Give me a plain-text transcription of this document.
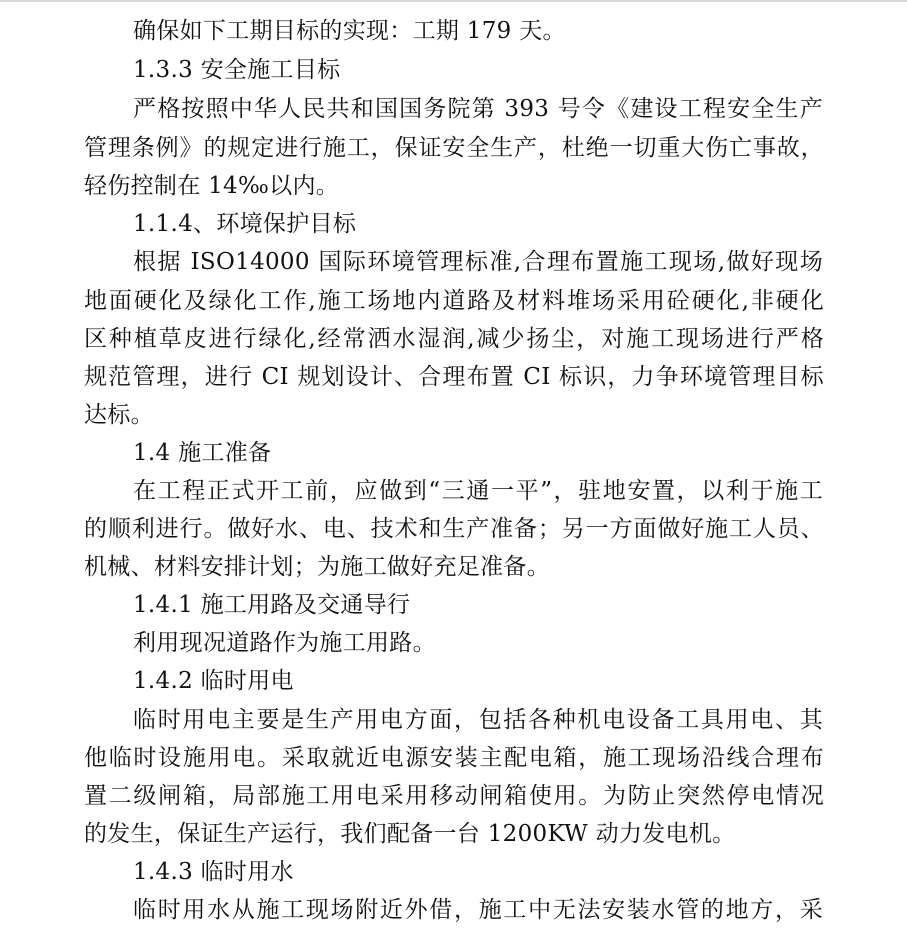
确保如下工期目标的实现：工期 179 天。
1.3.3 安全施工目标
严格按照中华人民共和国国务院第 393 号令《建设工程安全生产
管理条例》的规定进行施工，保证安全生产，杜绝一切重大伤亡事故，
轻伤控制在 14‰以内。
1.1.4、环境保护目标
根据 ISO14000 国际环境管理标准,合理布置施工现场,做好现场
地面硬化及绿化工作,施工场地内道路及材料堆场采用砼硬化,非硬化
区种植草皮进行绿化,经常洒水湿润,减少扬尘，对施工现场进行严格
规范管理，进行 CI 规划设计、合理布置 CI 标识，力争环境管理目标
达标。
1.4 施工准备
在工程正式开工前，应做到“三通一平”，驻地安置，以利于施工
的顺利进行。做好水、电、技术和生产准备；另一方面做好施工人员、
机械、材料安排计划；为施工做好充足准备。
1.4.1 施工用路及交通导行
利用现况道路作为施工用路。
1.4.2 临时用电
临时用电主要是生产用电方面，包括各种机电设备工具用电、其
他临时设施用电。采取就近电源安装主配电箱，施工现场沿线合理布
置二级闸箱，局部施工用电采用移动闸箱使用。为防止突然停电情况
的发生，保证生产运行，我们配备一台 1200KW 动力发电机。
1.4.3 临时用水
临时用水从施工现场附近外借，施工中无法安装水管的地方，采
